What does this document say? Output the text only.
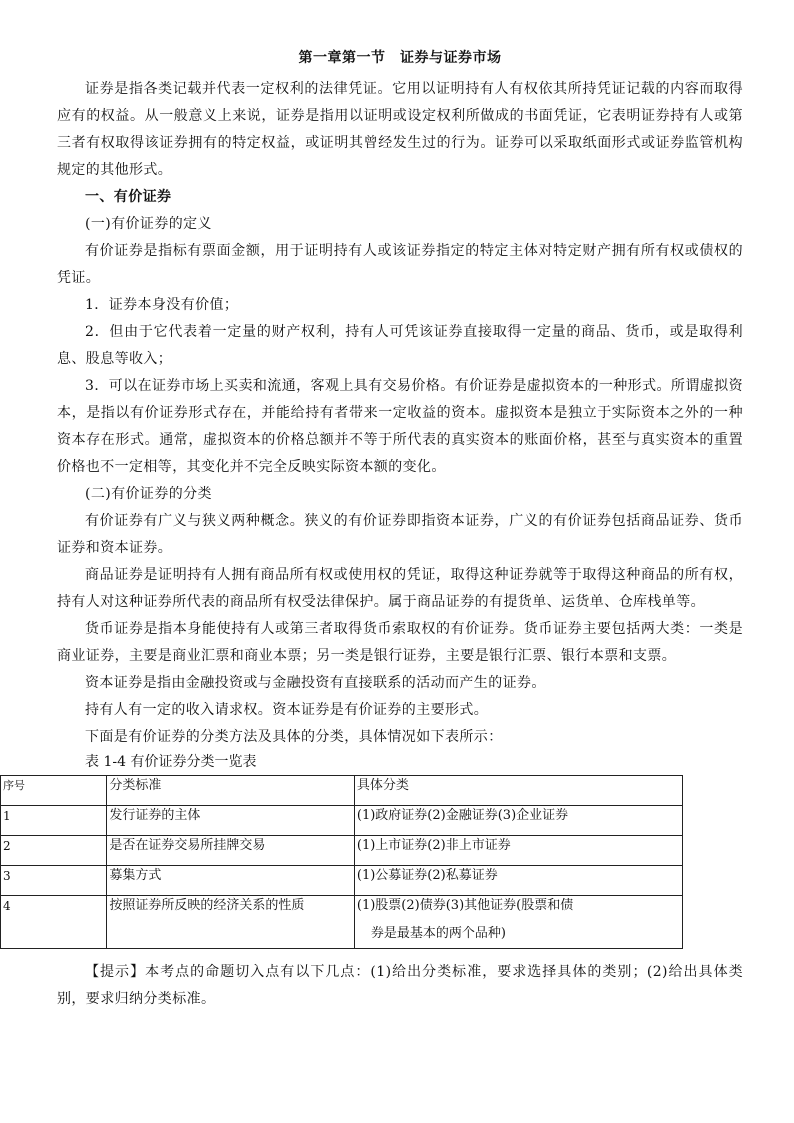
第一章第一节　证券与证券市场

证券是指各类记载并代表一定权利的法律凭证。它用以证明持有人有权依其所持凭证记载的内容而取得应有的权益。从一般意义上来说，证券是指用以证明或设定权利所做成的书面凭证，它表明证券持有人或第三者有权取得该证券拥有的特定权益，或证明其曾经发生过的行为。证券可以采取纸面形式或证券监管机构规定的其他形式。

一、有价证券

(一)有价证券的定义

有价证券是指标有票面金额，用于证明持有人或该证券指定的特定主体对特定财产拥有所有权或债权的凭证。

1．证券本身没有价值；

2．但由于它代表着一定量的财产权利，持有人可凭该证券直接取得一定量的商品、货币，或是取得利息、股息等收入；

3．可以在证券市场上买卖和流通，客观上具有交易价格。有价证券是虚拟资本的一种形式。所谓虚拟资本，是指以有价证券形式存在，并能给持有者带来一定收益的资本。虚拟资本是独立于实际资本之外的一种资本存在形式。通常，虚拟资本的价格总额并不等于所代表的真实资本的账面价格，甚至与真实资本的重置价格也不一定相等，其变化并不完全反映实际资本额的变化。

(二)有价证券的分类

有价证券有广义与狭义两种概念。狭义的有价证券即指资本证券，广义的有价证券包括商品证券、货币证券和资本证券。

商品证券是证明持有人拥有商品所有权或使用权的凭证，取得这种证券就等于取得这种商品的所有权，持有人对这种证券所代表的商品所有权受法律保护。属于商品证券的有提货单、运货单、仓库栈单等。

货币证券是指本身能使持有人或第三者取得货币索取权的有价证券。货币证券主要包括两大类：一类是商业证券，主要是商业汇票和商业本票；另一类是银行证券，主要是银行汇票、银行本票和支票。

资本证券是指由金融投资或与金融投资有直接联系的活动而产生的证券。

持有人有一定的收入请求权。资本证券是有价证券的主要形式。

下面是有价证券的分类方法及具体的分类，具体情况如下表所示：

表 1-4 有价证券分类一览表
序号	分类标准	具体分类
1	发行证券的主体	(1)政府证券(2)金融证券(3)企业证券
2	是否在证券交易所挂牌交易	(1)上市证券(2)非上市证券
3	募集方式	(1)公募证券(2)私募证券

4	按照证券所反映的经济关系的性质	(1)股票(2)债券(3)其他证券(股票和债
券是最基本的两个品种)

【提示】本考点的命题切入点有以下几点：(1)给出分类标准，要求选择具体的类别；(2)给出具体类别，要求归纳分类标准。
